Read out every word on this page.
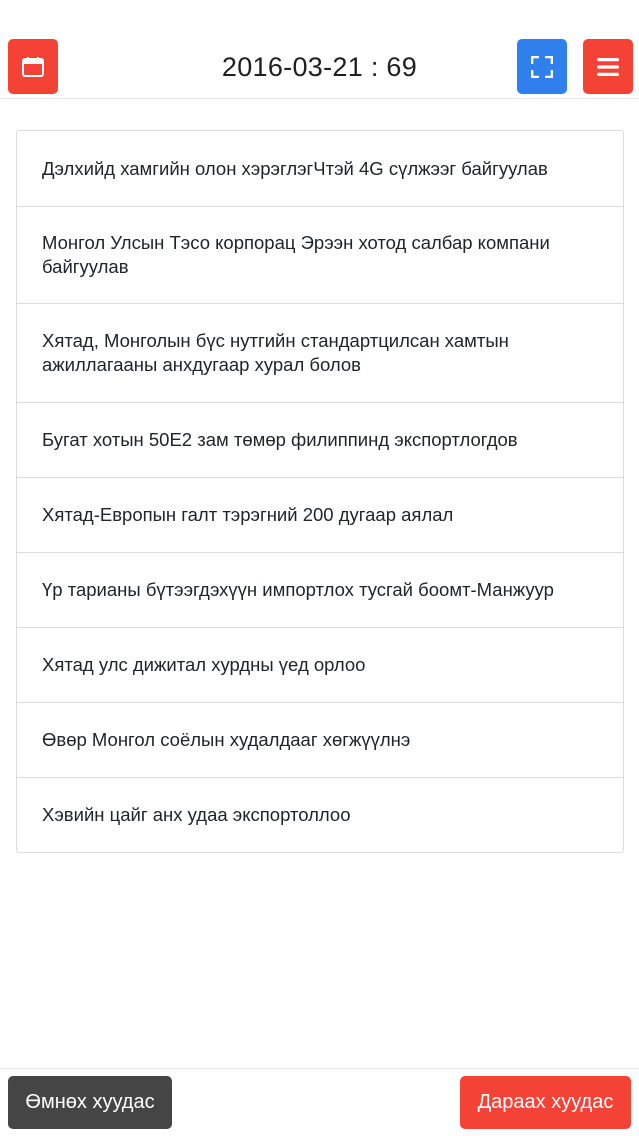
2016-03-21 : 69
Дэлхийд хамгийн олон хэрэглэгЧтэй 4G сүлжээг байгуулав
Монгол Улсын Тэсо корпорац Эрээн хотод салбар компани байгуулав
Хятад, Монголын бүс нутгийн стандартцилсан хамтын ажиллагааны анхдугаар хурал болов
Бугат хотын 50E2 зам төмөр филиппинд экспортлогдов
Хятад-Европын галт тэрэгний 200 дугаар аялал
Үр тарианы бүтээгдэхүүн импортлох тусгай боомт-Манжуур
Хятад улс дижитал хурдны үед орлоо
Өвөр Монгол соёлын худалдааг хөгжүүлнэ
Хэвийн цайг анх удаа экспортоллоо
Өмнөх хуудас	Дараах хуудас
